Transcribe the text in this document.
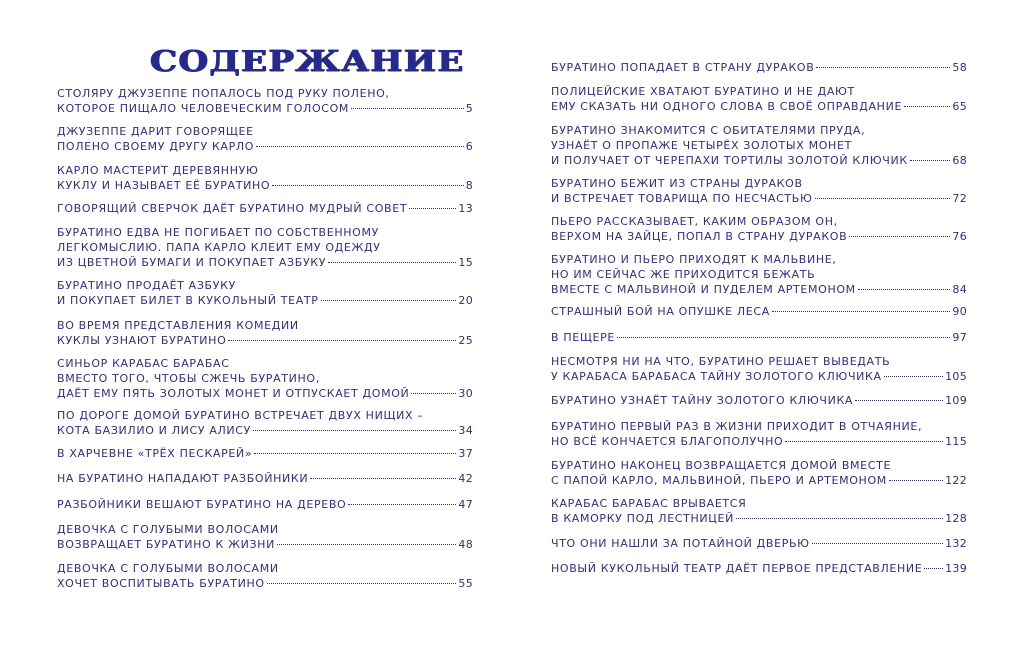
СОДЕРЖАНИЕ
СТОЛЯРУ ДЖУЗЕППЕ ПОПАЛОСЬ ПОД РУКУ ПОЛЕНО,
КОТОРОЕ ПИЩАЛО ЧЕЛОВЕЧЕСКИМ ГОЛОСОМ	5
ДЖУЗЕППЕ ДАРИТ ГОВОРЯЩЕЕ
ПОЛЕНО СВОЕМУ ДРУГУ КАРЛО	6
КАРЛО МАСТЕРИТ ДЕРЕВЯННУЮ
КУКЛУ И НАЗЫВАЕТ ЕЁ БУРАТИНО	8
ГОВОРЯЩИЙ СВЕРЧОК ДАЁТ БУРАТИНО МУДРЫЙ СОВЕТ	13
БУРАТИНО ЕДВА НЕ ПОГИБАЕТ ПО СОБСТВЕННОМУ
ЛЕГКОМЫСЛИЮ. ПАПА КАРЛО КЛЕИТ ЕМУ ОДЕЖДУ
ИЗ ЦВЕТНОЙ БУМАГИ И ПОКУПАЕТ АЗБУКУ	15
БУРАТИНО ПРОДАЁТ АЗБУКУ
И ПОКУПАЕТ БИЛЕТ В КУКОЛЬНЫЙ ТЕАТР	20
ВО ВРЕМЯ ПРЕДСТАВЛЕНИЯ КОМЕДИИ
КУКЛЫ УЗНАЮТ БУРАТИНО	25
СИНЬОР КАРАБАС БАРАБАС
ВМЕСТО ТОГО, ЧТОБЫ СЖЕЧЬ БУРАТИНО,
ДАЁТ ЕМУ ПЯТЬ ЗОЛОТЫХ МОНЕТ И ОТПУСКАЕТ ДОМОЙ	30
ПО ДОРОГЕ ДОМОЙ БУРАТИНО ВСТРЕЧАЕТ ДВУХ НИЩИХ –
КОТА БАЗИЛИО И ЛИСУ АЛИСУ	34
В ХАРЧЕВНЕ «ТРЁХ ПЕСКАРЕЙ»	37
НА БУРАТИНО НАПАДАЮТ РАЗБОЙНИКИ	42
РАЗБОЙНИКИ ВЕШАЮТ БУРАТИНО НА ДЕРЕВО	47
ДЕВОЧКА С ГОЛУБЫМИ ВОЛОСАМИ
ВОЗВРАЩАЕТ БУРАТИНО К ЖИЗНИ	48
ДЕВОЧКА С ГОЛУБЫМИ ВОЛОСАМИ
ХОЧЕТ ВОСПИТЫВАТЬ БУРАТИНО	55
БУРАТИНО ПОПАДАЕТ В СТРАНУ ДУРАКОВ	58
ПОЛИЦЕЙСКИЕ ХВАТАЮТ БУРАТИНО И НЕ ДАЮТ
ЕМУ СКАЗАТЬ НИ ОДНОГО СЛОВА В СВОЁ ОПРАВДАНИЕ	65
БУРАТИНО ЗНАКОМИТСЯ С ОБИТАТЕЛЯМИ ПРУДА,
УЗНАЁТ О ПРОПАЖЕ ЧЕТЫРЁХ ЗОЛОТЫХ МОНЕТ
И ПОЛУЧАЕТ ОТ ЧЕРЕПАХИ ТОРТИЛЫ ЗОЛОТОЙ КЛЮЧИК	68
БУРАТИНО БЕЖИТ ИЗ СТРАНЫ ДУРАКОВ
И ВСТРЕЧАЕТ ТОВАРИЩА ПО НЕСЧАСТЬЮ	72
ПЬЕРО РАССКАЗЫВАЕТ, КАКИМ ОБРАЗОМ ОН,
ВЕРХОМ НА ЗАЙЦЕ, ПОПАЛ В СТРАНУ ДУРАКОВ	76
БУРАТИНО И ПЬЕРО ПРИХОДЯТ К МАЛЬВИНЕ,
НО ИМ СЕЙЧАС ЖЕ ПРИХОДИТСЯ БЕЖАТЬ
ВМЕСТЕ С МАЛЬВИНОЙ И ПУДЕЛЕМ АРТЕМОНОМ	84
СТРАШНЫЙ БОЙ НА ОПУШКЕ ЛЕСА	90
В ПЕЩЕРЕ	97
НЕСМОТРЯ НИ НА ЧТО, БУРАТИНО РЕШАЕТ ВЫВЕДАТЬ
У КАРАБАСА БАРАБАСА ТАЙНУ ЗОЛОТОГО КЛЮЧИКА	105
БУРАТИНО УЗНАЁТ ТАЙНУ ЗОЛОТОГО КЛЮЧИКА	109
БУРАТИНО ПЕРВЫЙ РАЗ В ЖИЗНИ ПРИХОДИТ В ОТЧАЯНИЕ,
НО ВСЁ КОНЧАЕТСЯ БЛАГОПОЛУЧНО	115
БУРАТИНО НАКОНЕЦ ВОЗВРАЩАЕТСЯ ДОМОЙ ВМЕСТЕ
С ПАПОЙ КАРЛО, МАЛЬВИНОЙ, ПЬЕРО И АРТЕМОНОМ	122
КАРАБАС БАРАБАС ВРЫВАЕТСЯ
В КАМОРКУ ПОД ЛЕСТНИЦЕЙ	128
ЧТО ОНИ НАШЛИ ЗА ПОТАЙНОЙ ДВЕРЬЮ	132
НОВЫЙ КУКОЛЬНЫЙ ТЕАТР ДАЁТ ПЕРВОЕ ПРЕДСТАВЛЕНИЕ 139
